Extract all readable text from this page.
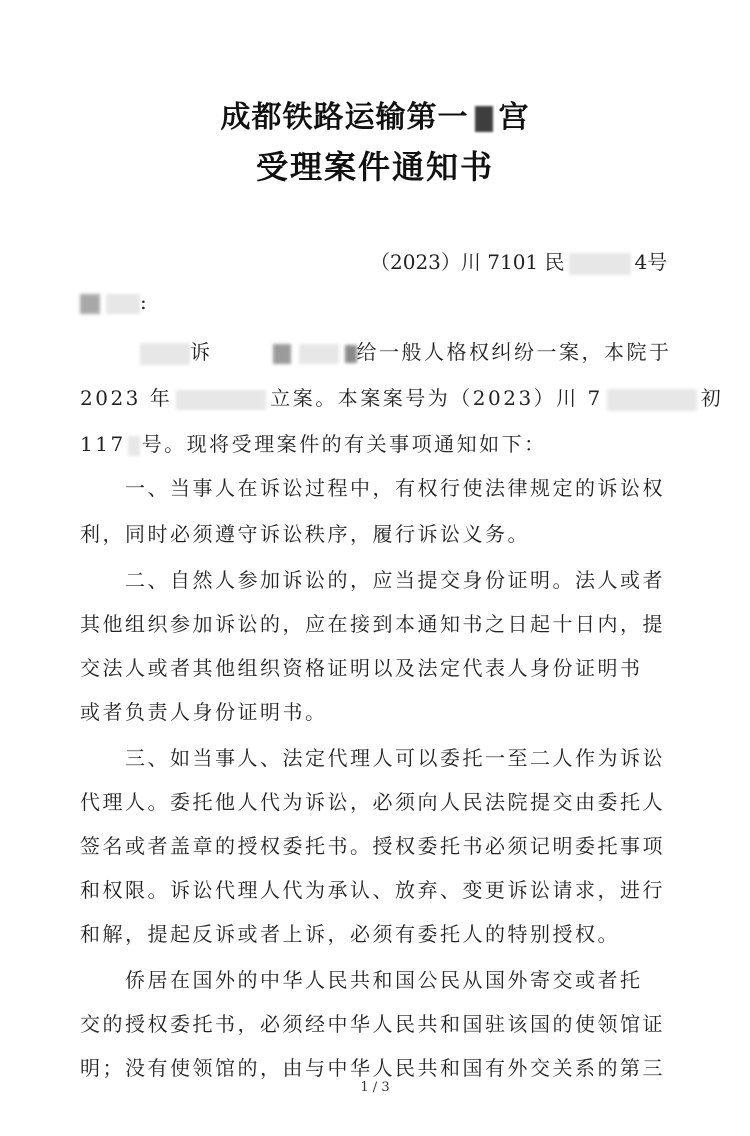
成都铁路运输第一 宫
受理案件通知书
（2023）川 7101 民	4号
:
诉	给一般人格权纠纷一案，本院于
2023 年	立案。本案案号为（2023）川 7	初
117 号。现将受理案件的有关事项通知如下：
　　一、当事人在诉讼过程中，有权行使法律规定的诉讼权
利，同时必须遵守诉讼秩序，履行诉讼义务。
　　二、自然人参加诉讼的，应当提交身份证明。法人或者
其他组织参加诉讼的，应在接到本通知书之日起十日内，提
交法人或者其他组织资格证明以及法定代表人身份证明书
或者负责人身份证明书。
　　三、如当事人、法定代理人可以委托一至二人作为诉讼
代理人。委托他人代为诉讼，必须向人民法院提交由委托人
签名或者盖章的授权委托书。授权委托书必须记明委托事项
和权限。诉讼代理人代为承认、放弃、变更诉讼请求，进行
和解，提起反诉或者上诉，必须有委托人的特别授权。
　　侨居在国外的中华人民共和国公民从国外寄交或者托
交的授权委托书，必须经中华人民共和国驻该国的使领馆证
明；没有使领馆的，由与中华人民共和国有外交关系的第三
1 / 3
